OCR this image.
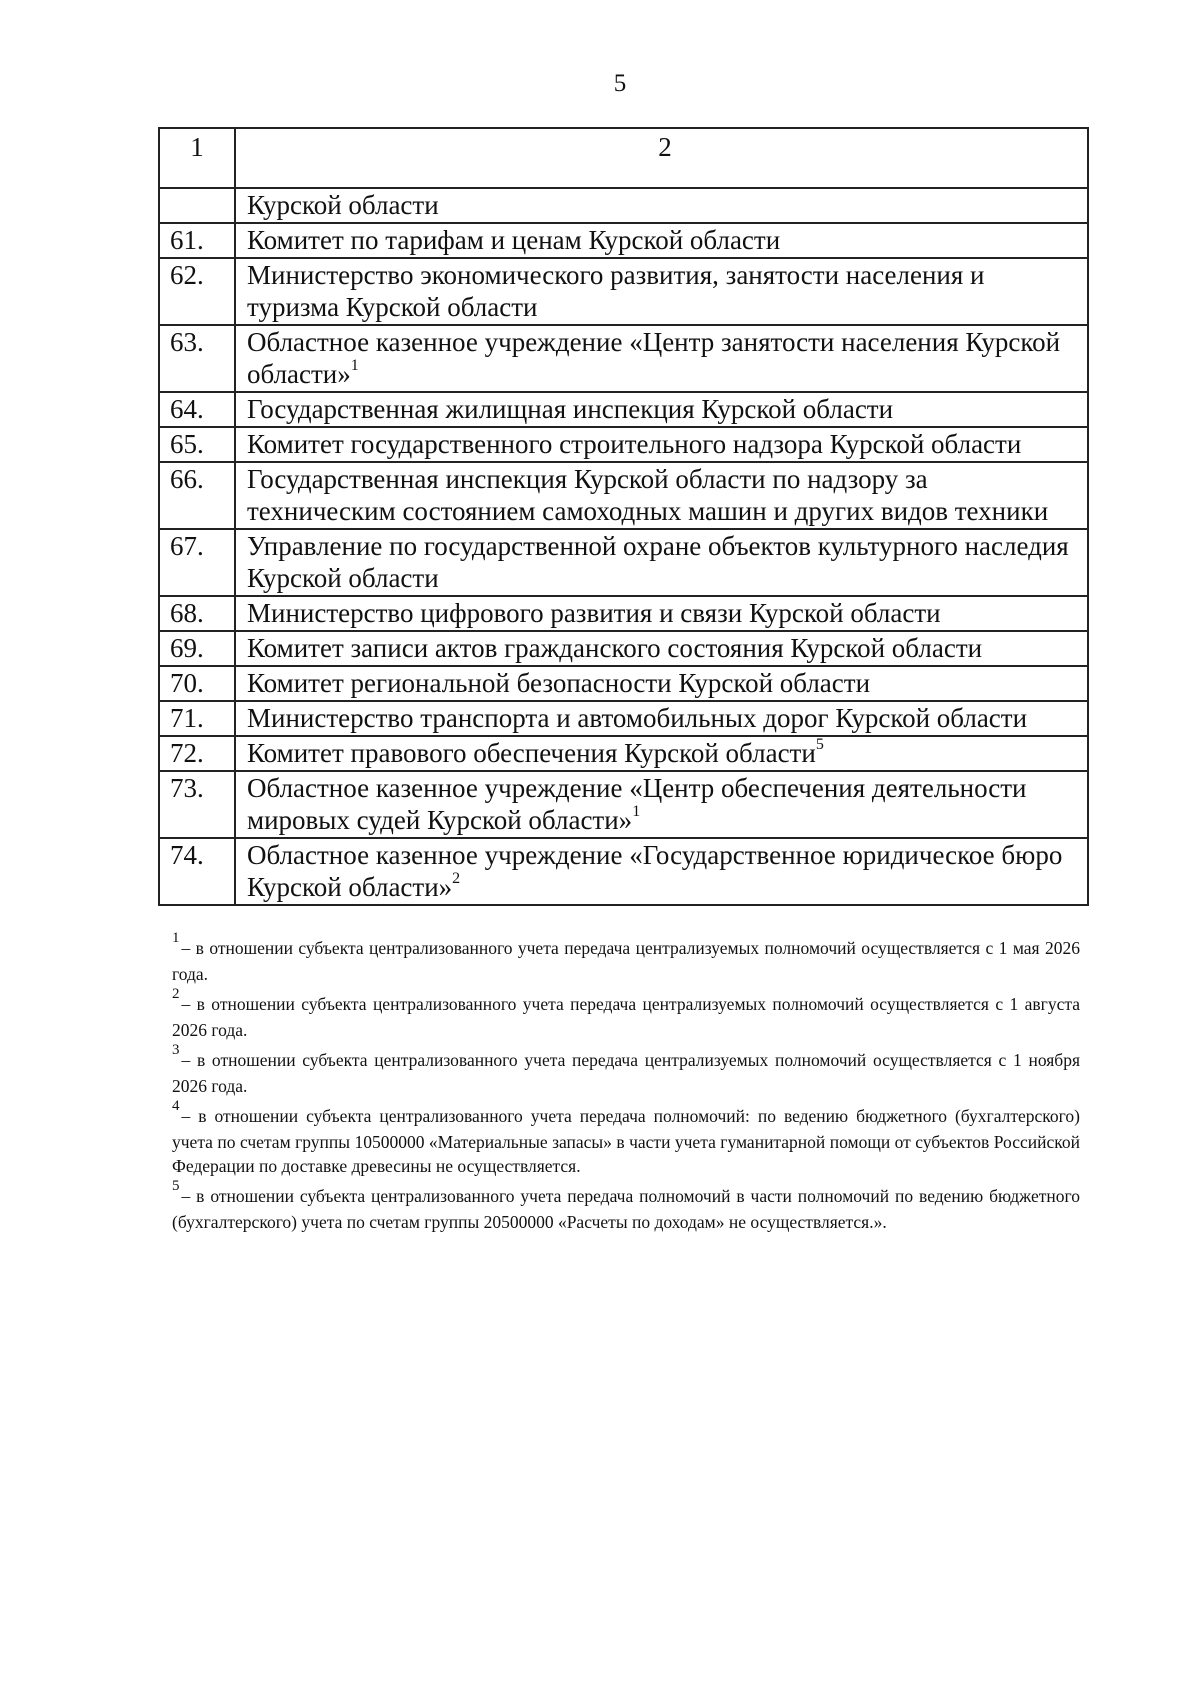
5
1	2
	Курской области
61.	Комитет по тарифам и ценам Курской области
62.	Министерство экономического развития, занятости населения и туризма Курской области
63.	Областное казенное учреждение «Центр занятости населения Курской области»$^1$
64.	Государственная жилищная инспекция Курской области
65.	Комитет государственного строительного надзора Курской области
66.	Государственная инспекция Курской области по надзору за техническим состоянием самоходных машин и других видов техники
67.	Управление по государственной охране объектов культурного наследия Курской области
68.	Министерство цифрового развития и связи Курской области
69.	Комитет записи актов гражданского состояния Курской области
70.	Комитет региональной безопасности Курской области
71.	Министерство транспорта и автомобильных дорог Курской области
72.	Комитет правового обеспечения Курской области$^5$
73.	Областное казенное учреждение «Центр обеспечения деятельности мировых судей Курской области»$^1$
74.	Областное казенное учреждение «Государственное юридическое бюро Курской области»$^2$
1 – в отношении субъекта централизованного учета передача централизуемых полномочий осуществляется с 1 мая 2026 года.
2 – в отношении субъекта централизованного учета передача централизуемых полномочий осуществляется с 1 августа 2026 года.
3 – в отношении субъекта централизованного учета передача централизуемых полномочий осуществляется с 1 ноября 2026 года.
4 – в отношении субъекта централизованного учета передача полномочий: по ведению бюджетного (бухгалтерского) учета по счетам группы 10500000 «Материальные запасы» в части учета гуманитарной помощи от субъектов Российской Федерации по доставке древесины не осуществляется.
5 – в отношении субъекта централизованного учета передача полномочий в части полномочий по ведению бюджетного (бухгалтерского) учета по счетам группы 20500000 «Расчеты по доходам» не осуществляется.».
